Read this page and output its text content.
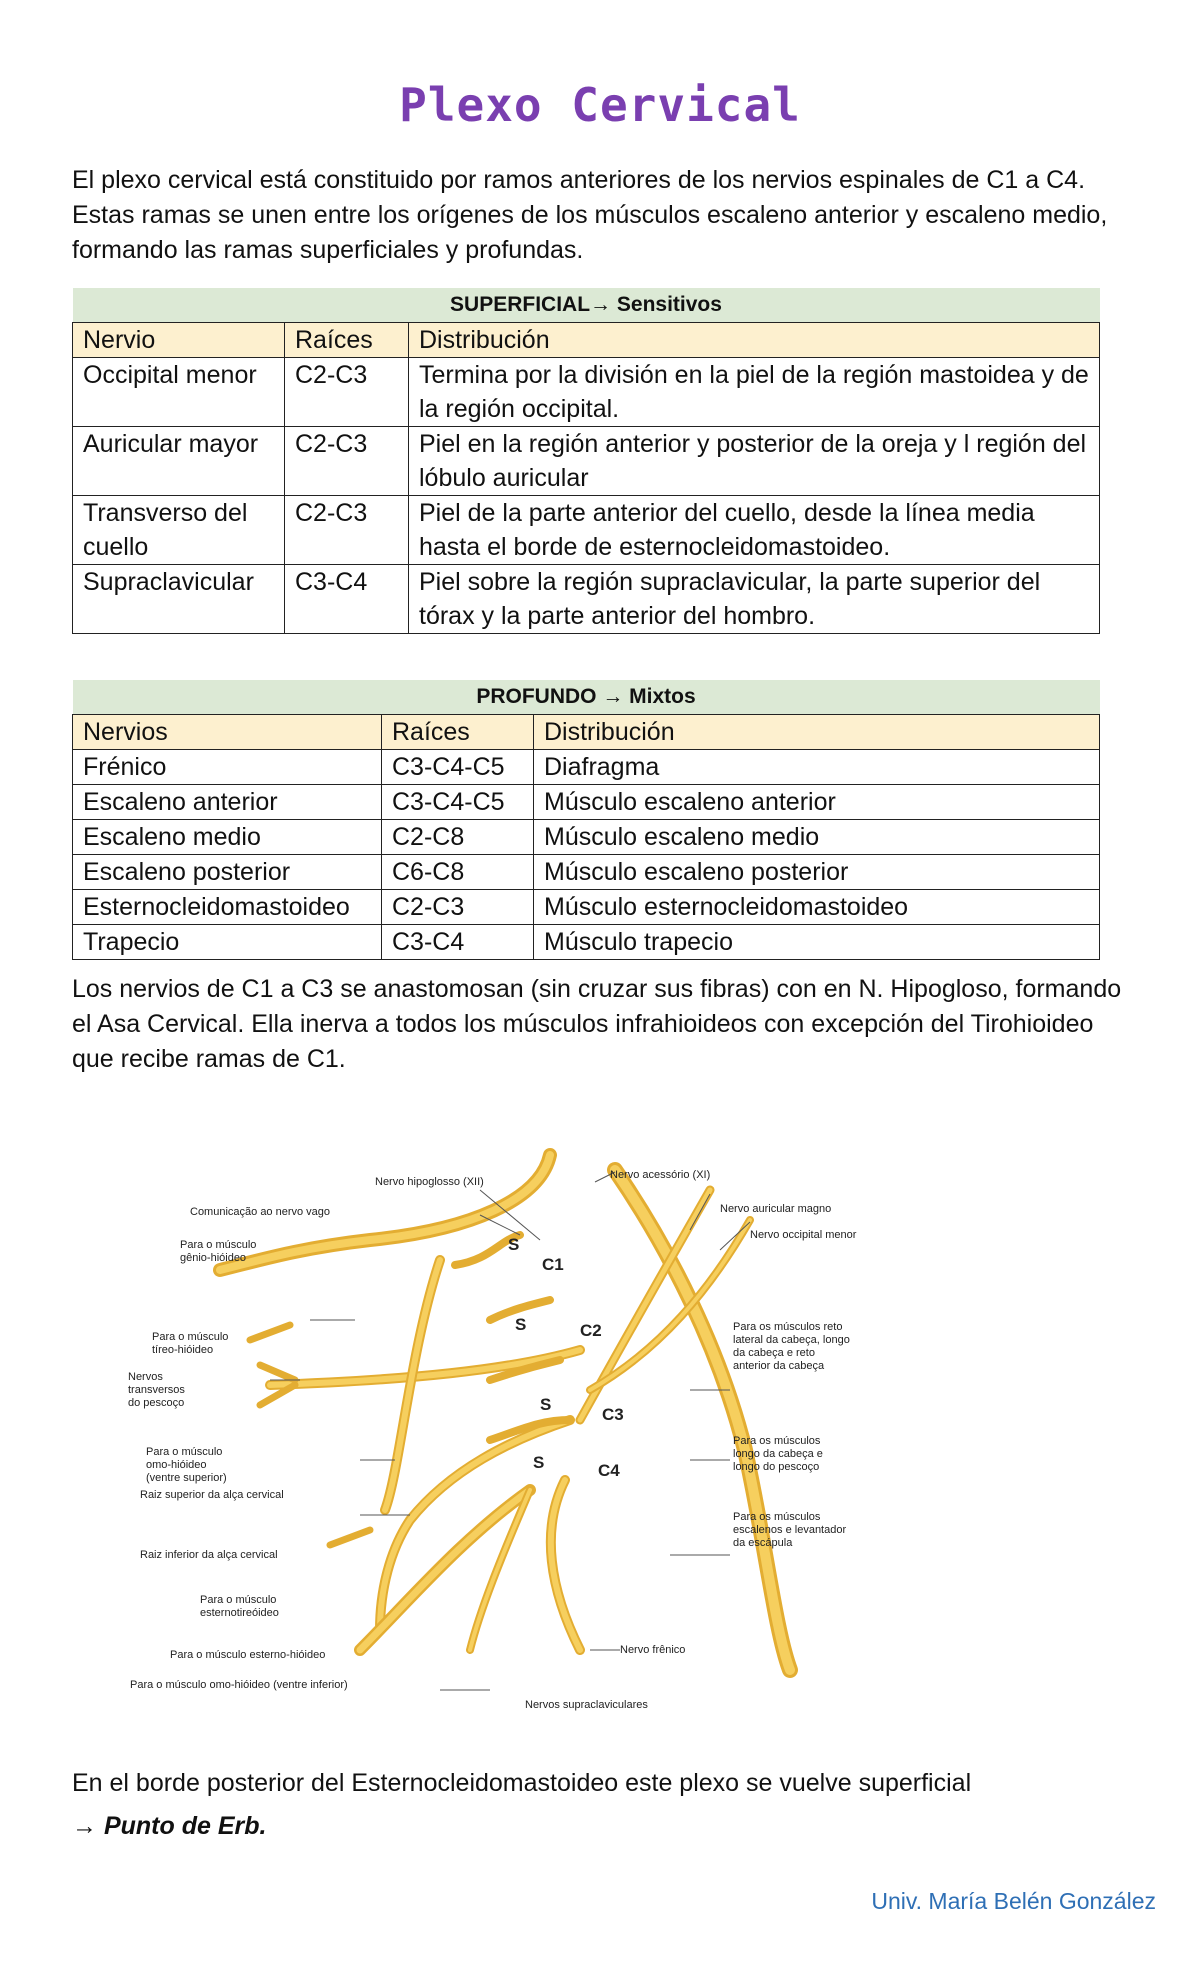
Plexo Cervical

El plexo cervical está constituido por ramos anteriores de los nervios espinales de C1 a C4. Estas ramas se unen entre los orígenes de los músculos escaleno anterior y escaleno medio, formando las ramas superficiales y profundas.

SUPERFICIAL→ Sensitivos		
Nervio	Raíces	Distribución
Occipital menor	C2-C3	Termina por la división en la piel de la región mastoidea y de la región occipital.
Auricular mayor	C2-C3	Piel en la región anterior y posterior de la oreja y l región del lóbulo auricular
Transverso del cuello	C2-C3	Piel de la parte anterior del cuello, desde la línea media hasta el borde de esternocleidomastoideo.
Supraclavicular	C3-C4	Piel sobre la región supraclavicular, la parte superior del tórax y la parte anterior del hombro.
PROFUNDO → Mixtos		
Nervios	Raíces	Distribución
Frénico	C3-C4-C5	Diafragma
Escaleno anterior	C3-C4-C5	Músculo escaleno anterior
Escaleno medio	C2-C8	Músculo escaleno medio
Escaleno posterior	C6-C8	Músculo escaleno posterior
Esternocleidomastoideo	C2-C3	Músculo esternocleidomastoideo
Trapecio	C3-C4	Músculo trapecio

Los nervios de C1 a C3 se anastomosan (sin cruzar sus fibras) con en N. Hipogloso, formando el Asa Cervical. Ella inerva a todos los músculos infrahioideos con excepción del Tirohioideo que recibe ramas de C1.

Nervo hipoglosso (XII)
Nervo acessório (XI)
Comunicação ao nervo vago	Nervo auricular magno
Nervo occipital menor
Para o músculo
gênio-hióideo
Para o músculo
tíreo-hióideo
Para os músculos reto
lateral da cabeça, longo
da cabeça e reto
anterior da cabeça
Nervos
transversos
do pescoço
Para o músculo
omo-hióideo
(ventre superior)
Para os músculos
longo da cabeça e
longo do pescoço
Raiz superior da alça cervical
Para os músculos
escalenos e levantador
da escápula
Raiz inferior da alça cervical
Para o músculo
esternotireóideo
Nervo frênico
Para o músculo esterno-hióideo
Para o músculo omo-hióideo (ventre inferior)
Nervos supraclaviculares
S
C1
S	C2
S
C3
S	C4

En el borde posterior del Esternocleidomastoideo este plexo se vuelve superficial

→ Punto de Erb.
Univ. María Belén González
